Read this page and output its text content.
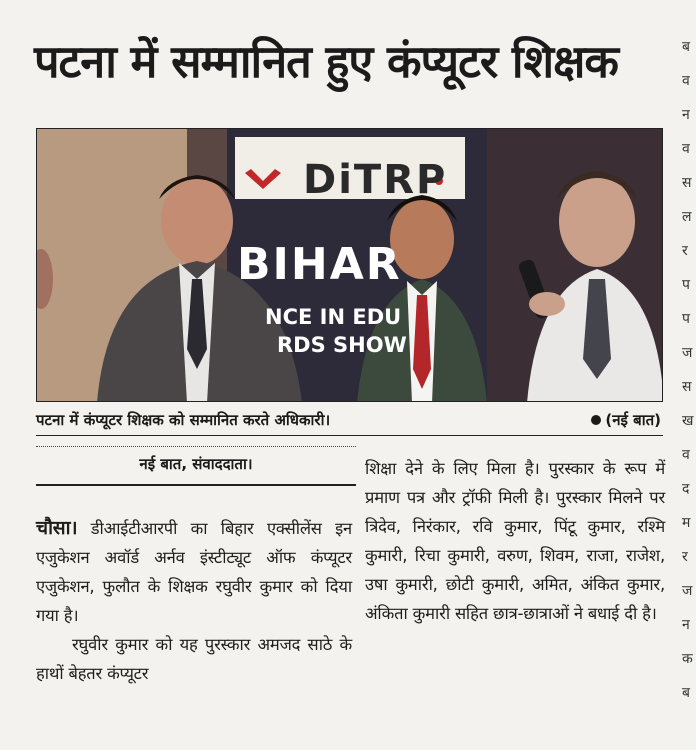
पटना में सम्मानित हुए कंप्यूटर शिक्षक	ब
व
न
व
स
ल
र
प
प
ज
स
ख
व
द
म
र
ज
न
क
ब
DiTRP
BIHAR
NCE IN EDU
RDS SHOW
पटना में कंप्यूटर शिक्षक को सम्मानित करते अधिकारी।	(नई बात)
नई बात, संवाददाता।
चौसा। डीआईटीआरपी का बिहार एक्सीलेंस इन एजुकेशन अवॉर्ड अर्नव इंस्टीट्यूट ऑफ कंप्यूटर एजुकेशन, फुलौत के शिक्षक रघुवीर कुमार को दिया गया है।
रघुवीर कुमार को यह पुरस्कार अमजद साठे के हाथों बेहतर कंप्यूटर
शिक्षा देने के लिए मिला है। पुरस्कार के रूप में प्रमाण पत्र और ट्रॉफी मिली है। पुरस्कार मिलने पर त्रिदेव, निरंकार, रवि कुमार, पिंटू कुमार, रश्मि कुमारी, रिचा कुमारी, वरुण, शिवम, राजा, राजेश, उषा कुमारी, छोटी कुमारी, अमित, अंकित कुमार, अंकिता कुमारी सहित छात्र-छात्राओं ने बधाई दी है।
